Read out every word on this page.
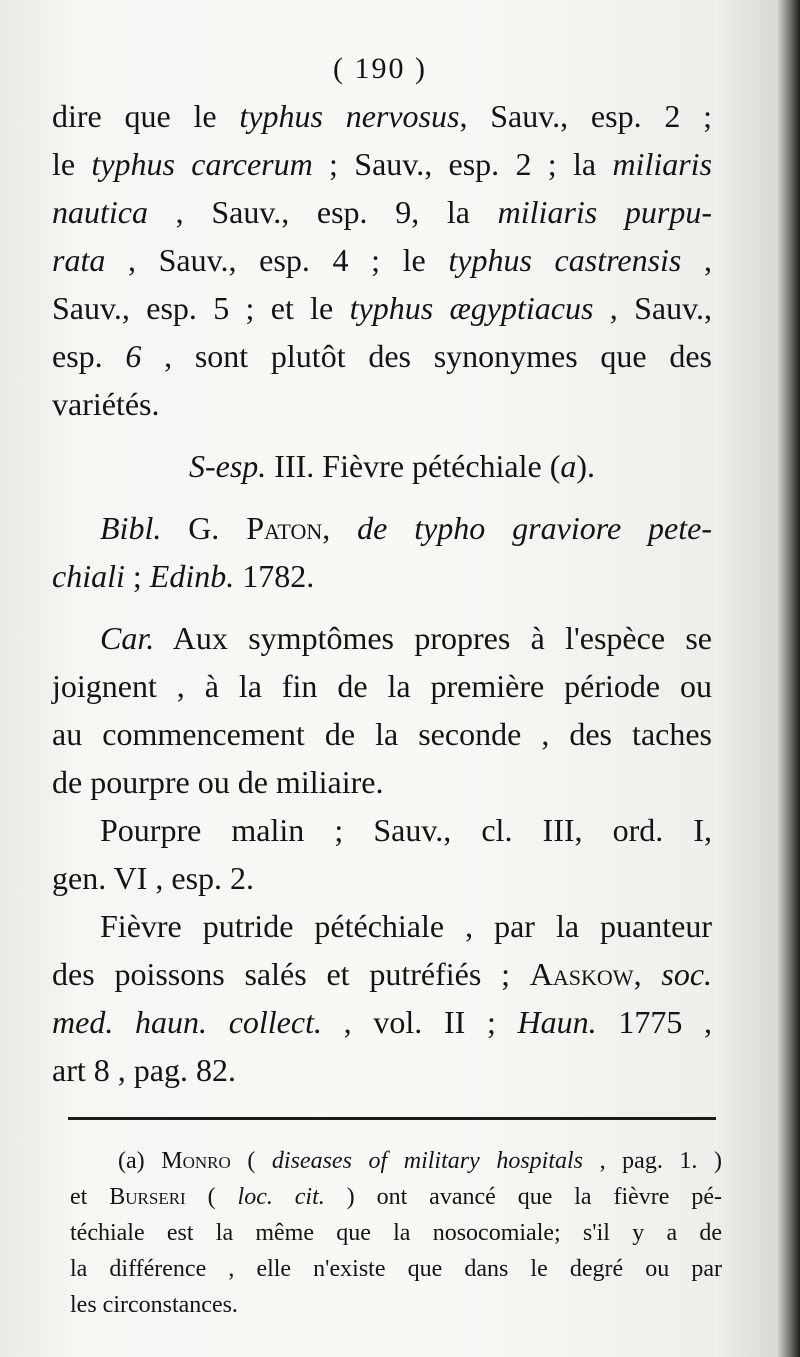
( 190 )
dire que le typhus nervosus, Sauv., esp. 2 ;
le typhus carcerum ; Sauv., esp. 2 ; la miliaris
nautica , Sauv., esp. 9, la miliaris purpu-
rata , Sauv., esp. 4 ; le typhus castrensis ,
Sauv., esp. 5 ; et le typhus ægyptiacus , Sauv.,
esp. 6 , sont plutôt des synonymes que des
variétés.
S-esp. III. Fièvre pétéchiale (a).
Bibl. G. Paton, de typho graviore pete-
chiali ; Edinb. 1782.
Car. Aux symptômes propres à l'espèce se
joignent , à la fin de la première période ou
au commencement de la seconde , des taches
de pourpre ou de miliaire.
Pourpre malin ; Sauv., cl. III, ord. I,
gen. VI , esp. 2.
Fièvre putride pétéchiale , par la puanteur
des poissons salés et putréfiés ; Aaskow, soc.
med. haun. collect. , vol. II ; Haun. 1775 ,
art 8 , pag. 82.
(a) Monro ( diseases of military hospitals , pag. 1. )
et Burseri ( loc. cit. ) ont avancé que la fièvre pé-
téchiale est la même que la nosocomiale; s'il y a de
la différence , elle n'existe que dans le degré ou par
les circonstances.
